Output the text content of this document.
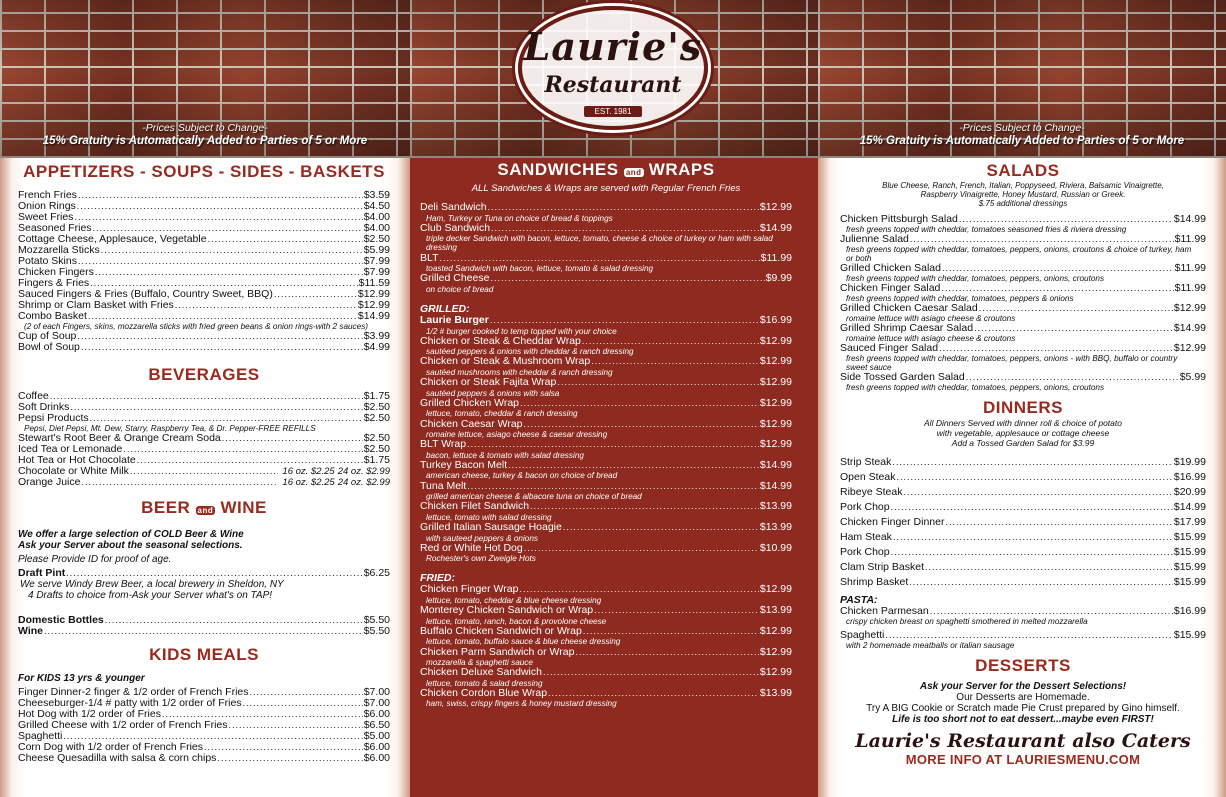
-Prices Subject to Change-
15% Gratuity is Automatically Added to Parties of 5 or More
-Prices Subject to Change-
15% Gratuity is Automatically Added to Parties of 5 or More
Laurie's
Restaurant
EST. 1981
APPETIZERS - SOUPS - SIDES - BASKETS
French Fries .....	$3.59
Onion Rings .....	$4.50
Sweet Fries .....	$4.00
Seasoned Fries .....	$4.00
Cottage Cheese, Applesauce, Vegetable .....	$2.50
Mozzarella Sticks .....	$5.99
Potato Skins .....	$7.99
Chicken Fingers .....	$7.99
Fingers & Fries .....	$11.59
Sauced Fingers & Fries (Buffalo, Country Sweet, BBQ) .....	$12.99
Shrimp or Clam Basket with Fries .....	$12.99
Combo Basket .....	$14.99
(2 of each Fingers, skins, mozzarella sticks with fried green beans & onion rings-with 2 sauces)
Cup of Soup .....	$3.99
Bowl of Soup .....	$4.99
BEVERAGES
Coffee .....	$1.75
Soft Drinks .....	$2.50
Pepsi Products .....	$2.50
Pepsi, Diet Pepsi, Mt. Dew, Starry, Raspberry Tea, & Dr. Pepper-FREE REFILLS
Stewart's Root Beer & Orange Cream Soda .....	$2.50
Iced Tea or Lemonade .....	$2.50
Hot Tea or Hot Chocolate .....	$1.75
Chocolate or White Milk .....	16 oz. $2.25 24 oz. $2.99
Orange Juice .....	16 oz. $2.25 24 oz. $2.99
BEER and WINE
We offer a large selection of COLD Beer & Wine
Ask your Server about the seasonal selections.
Please Provide ID for proof of age.
Draft Pint .....	$6.25
We serve Windy Brew Beer, a local brewery in Sheldon, NY
4 Drafts to choice from-Ask your Server what's on TAP!
Domestic Bottles .....	$5.50
Wine .....	$5.50
KIDS MEALS
For KIDS 13 yrs & younger
Finger Dinner-2 finger & 1/2 order of French Fries .....	$7.00
Cheeseburger-1/4 # patty with 1/2 order of Fries .....	$7.00
Hot Dog with 1/2 order of Fries .....	$6.00
Grilled Cheese with 1/2 order of French Fries .....	$6.50
Spaghetti .....	$5.00
Corn Dog with 1/2 order of French Fries .....	$6.00
Cheese Quesadilla with salsa & corn chips .....	$6.00
SANDWICHES and WRAPS
ALL Sandwiches & Wraps are served with Regular French Fries
Deli Sandwich .....	$12.99
Ham, Turkey or Tuna on choice of bread & toppings
Club Sandwich .....	$14.99
triple decker Sandwich with bacon, lettuce, tomato, cheese & choice of turkey or ham with salad dressing
BLT .....	$11.99
toasted Sandwich with bacon, lettuce, tomato & salad dressing
Grilled Cheese .....	$9.99
on choice of bread
GRILLED:
Laurie Burger .....	$16.99
1/2 # burger cooked to temp topped with your choice
Chicken or Steak & Cheddar Wrap .....	$12.99
sautéed peppers & onions with cheddar & ranch dressing
Chicken or Steak & Mushroom Wrap .....	$12.99
sautéed mushrooms with cheddar & ranch dressing
Chicken or Steak Fajita Wrap .....	$12.99
sautéed peppers & onions with salsa
Grilled Chicken Wrap .....	$12.99
lettuce, tomato, cheddar & ranch dressing
Chicken Caesar Wrap .....	$12.99
romaine lettuce, asiago cheese & caesar dressing
BLT Wrap .....	$12.99
bacon, lettuce & tomato with salad dressing
Turkey Bacon Melt .....	$14.99
american cheese, turkey & bacon on choice of bread
Tuna Melt .....	$14.99
grilled american cheese & albacore tuna on choice of bread
Chicken Filet Sandwich .....	$13.99
lettuce, tomato with salad dressing
Grilled Italian Sausage Hoagie .....	$13.99
with sauteed peppers & onions
Red or White Hot Dog .....	$10.99
Rochester's own Zweigle Hots
FRIED:
Chicken Finger Wrap .....	$12.99
lettuce, tomato, cheddar & blue cheese dressing
Monterey Chicken Sandwich or Wrap .....	$13.99
lettuce, tomato, ranch, bacon & provolone cheese
Buffalo Chicken Sandwich or Wrap .....	$12.99
lettuce, tomato, buffalo sauce & blue cheese dressing
Chicken Parm Sandwich or Wrap .....	$12.99
mozzarella & spaghetti sauce
Chicken Deluxe Sandwich .....	$12.99
lettuce, tomato & salad dressing
Chicken Cordon Blue Wrap .....	$13.99
ham, swiss, crispy fingers & honey mustard dressing
SALADS
Blue Cheese, Ranch, French, Italian, Poppyseed, Riviera, Balsamic Vinaigrette,
Raspberry Vinaigrette, Honey Mustard, Russian or Greek.
$.75 additional dressings
Chicken Pittsburgh Salad .....	$14.99
fresh greens topped with cheddar, tomatoes seasoned fries & riviera dressing
Julienne Salad .....	$11.99
fresh greens topped with cheddar, tomatoes, peppers, onions, croutons & choice of turkey, ham or both
Grilled Chicken Salad .....	$11.99
fresh greens topped with cheddar, tomatoes, peppers, onions, croutons
Chicken Finger Salad .....	$11.99
fresh greens topped with cheddar, tomatoes, peppers & onions
Grilled Chicken Caesar Salad .....	$12.99
romaine lettuce with asiago cheese & croutons
Grilled Shrimp Caesar Salad .....	$14.99
romaine lettuce with asiago cheese & croutons
Sauced Finger Salad .....	$12.99
fresh greens topped with cheddar, tomatoes, peppers, onions - with BBQ, buffalo or country sweet sauce
Side Tossed Garden Salad .....	$5.99
fresh greens topped with cheddar, tomatoes, peppers, onions, croutons
DINNERS
All Dinners Served with dinner roll & choice of potato
with vegetable, applesauce or cottage cheese
Add a Tossed Garden Salad for $3.99
Strip Steak .....	$19.99
Open Steak .....	$16.99
Ribeye Steak .....	$20.99
Pork Chop .....	$14.99
Chicken Finger Dinner .....	$17.99
Ham Steak .....	$15.99
Pork Chop .....	$15.99
Clam Strip Basket .....	$15.99
Shrimp Basket .....	$15.99
PASTA:
Chicken Parmesan .....	$16.99
crispy chicken breast on spaghetti smothered in melted mozzarella
Spaghetti .....	$15.99
with 2 homemade meatballs or italian sausage
DESSERTS
Ask your Server for the Dessert Selections!
Our Desserts are Homemade.
Try A BIG Cookie or Scratch made Pie Crust prepared by Gino himself.
Life is too short not to eat dessert...maybe even FIRST!
Laurie's Restaurant also Caters
MORE INFO AT LAURIESMENU.COM
